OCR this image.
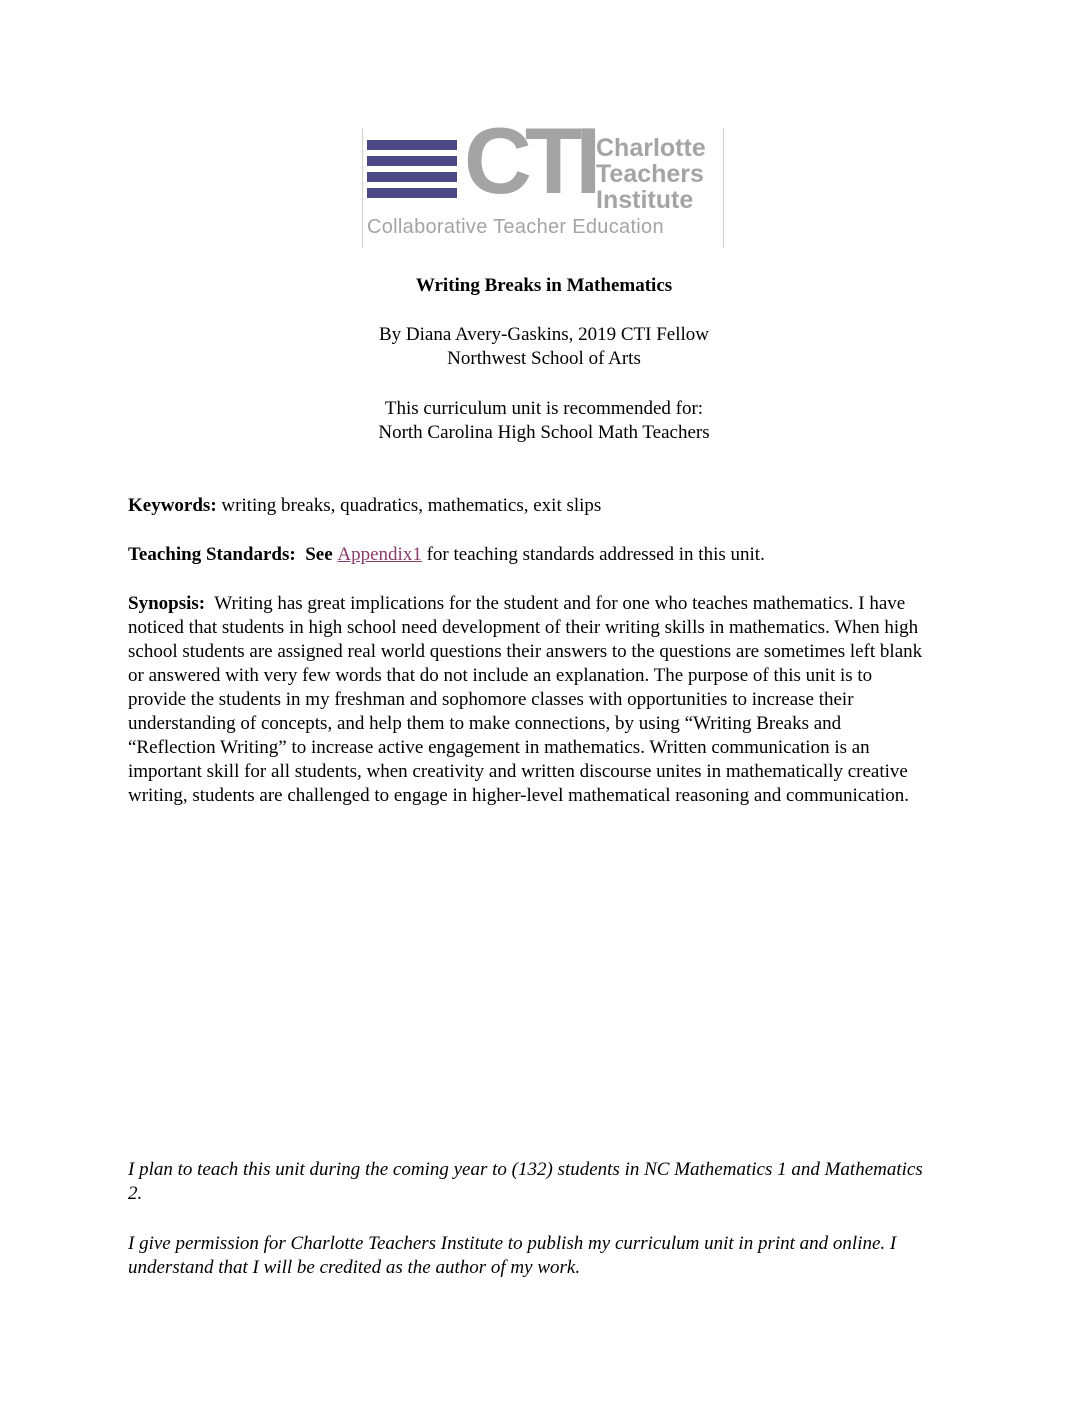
CTI Charlotte
Teachers
Institute
Collaborative Teacher Education
Writing Breaks in Mathematics
By Diana Avery-Gaskins, 2019 CTI Fellow
Northwest School of Arts
This curriculum unit is recommended for:
North Carolina High School Math Teachers

Keywords: writing breaks, quadratics, mathematics, exit slips

Teaching Standards:  See Appendix1 for teaching standards addressed in this unit.

Synopsis:  Writing has great implications for the student and for one who teaches mathematics. I have noticed that students in high school need development of their writing skills in mathematics. When high school students are assigned real world questions their answers to the questions are sometimes left blank or answered with very few words that do not include an explanation. The purpose of this unit is to provide the students in my freshman and sophomore classes with opportunities to increase their understanding of concepts, and help them to make connections, by using “Writing Breaks and “Reflection Writing” to increase active engagement in mathematics. Written communication is an important skill for all students, when creativity and written discourse unites in mathematically creative writing, students are challenged to engage in higher-level mathematical reasoning and communication.

I plan to teach this unit during the coming year to (132) students in NC Mathematics 1 and Mathematics 2.

I give permission for Charlotte Teachers Institute to publish my curriculum unit in print and online. I understand that I will be credited as the author of my work.
